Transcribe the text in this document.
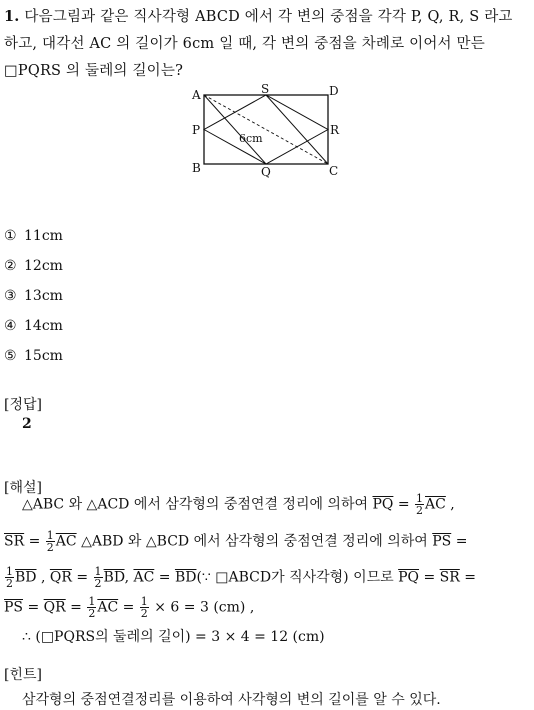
1. 다음그림과 같은 직사각형 ABCD 에서 각 변의 중점을 각각 P, Q, R, S 라고
하고, 대각선 AC 의 길이가 6cm 일 때, 각 변의 중점을 차례로 이어서 만든
□PQRS 의 둘레의 길이는?
A	S	D
P	R
B	Q	C
6cm
① 11cm
② 12cm
③ 13cm
④ 14cm
⑤ 15cm
[정답]
2
[해설]
△ABC 와 △ACD 에서 삼각형의 중점연결 정리에 의하여 $\overline{PQ} = \frac{1}{2} \overline{AC}$ ,
$\overline{SR} = \frac{1}{2} \overline{AC}$ △ABD 와 △BCD 에서 삼각형의 중점연결 정리에 의하여 $\overline{PS}$ =
$\frac{1}{2} \overline{BD}$ , $\overline{QR} = \frac{1}{2} \overline{BD}$, $\overline{AC}$ = $\overline{BD}(\because$ □ABCD가 직사각형) 이므로 $\overline{PQ} = \overline{SR}$ =
$\overline{PS} = \overline{QR} = \frac{1}{2} \overline{AC} = \frac{1}{2} \times 6 = 3$ (cm) ,
∴ (□PQRS의 둘레의 길이) = 3 × 4 = 12 (cm)
[힌트]
삼각형의 중점연결정리를 이용하여 사각형의 변의 길이를 알 수 있다.
